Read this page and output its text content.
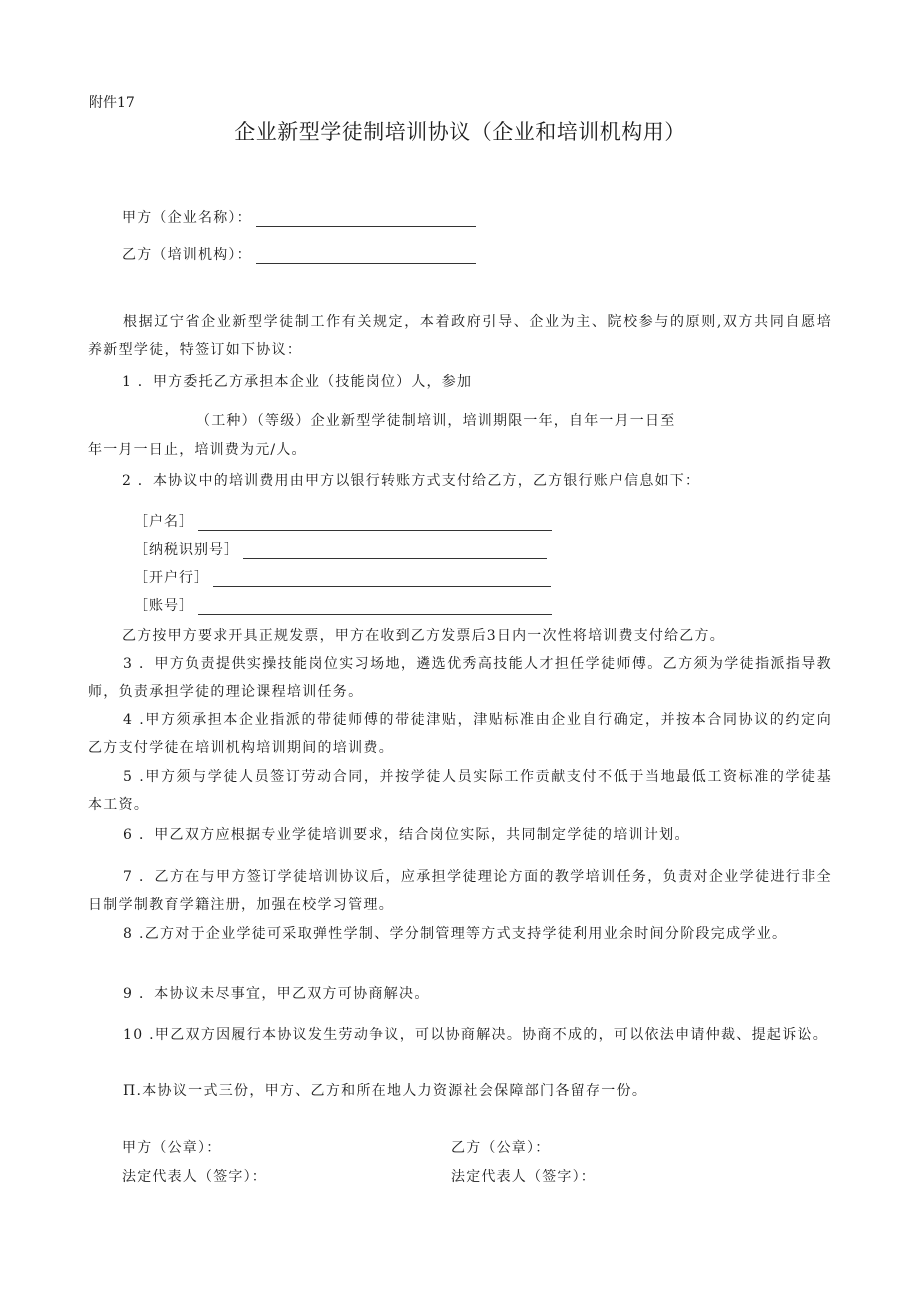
附件17
企业新型学徒制培训协议（企业和培训机构用）
甲方（企业名称）：
乙方（培训机构）：
根据辽宁省企业新型学徒制工作有关规定，本着政府引导、企业为主、院校参与的原则,双方共同自愿培养新型学徒，特签订如下协议：
1 ．甲方委托乙方承担本企业（技能岗位）人，参加
（工种）（等级）企业新型学徒制培训，培训期限一年，自年一月一日至
年一月一日止，培训费为元/人。
2 ．本协议中的培训费用由甲方以银行转账方式支付给乙方，乙方银行账户信息如下：
［户名］
［纳税识别号］
［开户行］
［账号］
乙方按甲方要求开具正规发票，甲方在收到乙方发票后3日内一次性将培训费支付给乙方。
3 ．甲方负责提供实操技能岗位实习场地，遴选优秀高技能人才担任学徒师傅。乙方须为学徒指派指导教师，负责承担学徒的理论课程培训任务。
4 .甲方须承担本企业指派的带徒师傅的带徒津贴，津贴标准由企业自行确定，并按本合同协议的约定向乙方支付学徒在培训机构培训期间的培训费。
5 .甲方须与学徒人员签订劳动合同，并按学徒人员实际工作贡献支付不低于当地最低工资标准的学徒基本工资。
6 ．甲乙双方应根据专业学徒培训要求，结合岗位实际，共同制定学徒的培训计划。
7 ．乙方在与甲方签订学徒培训协议后，应承担学徒理论方面的教学培训任务，负责对企业学徒进行非全日制学制教育学籍注册，加强在校学习管理。
8 .乙方对于企业学徒可采取弹性学制、学分制管理等方式支持学徒利用业余时间分阶段完成学业。
9 ．本协议未尽事宜，甲乙双方可协商解决。
10 .甲乙双方因履行本协议发生劳动争议，可以协商解决。协商不成的，可以依法申请仲裁、提起诉讼。
Π.本协议一式三份，甲方、乙方和所在地人力资源社会保障部门各留存一份。
甲方（公章）：
法定代表人（签字）：
乙方（公章）：
法定代表人（签字）：
